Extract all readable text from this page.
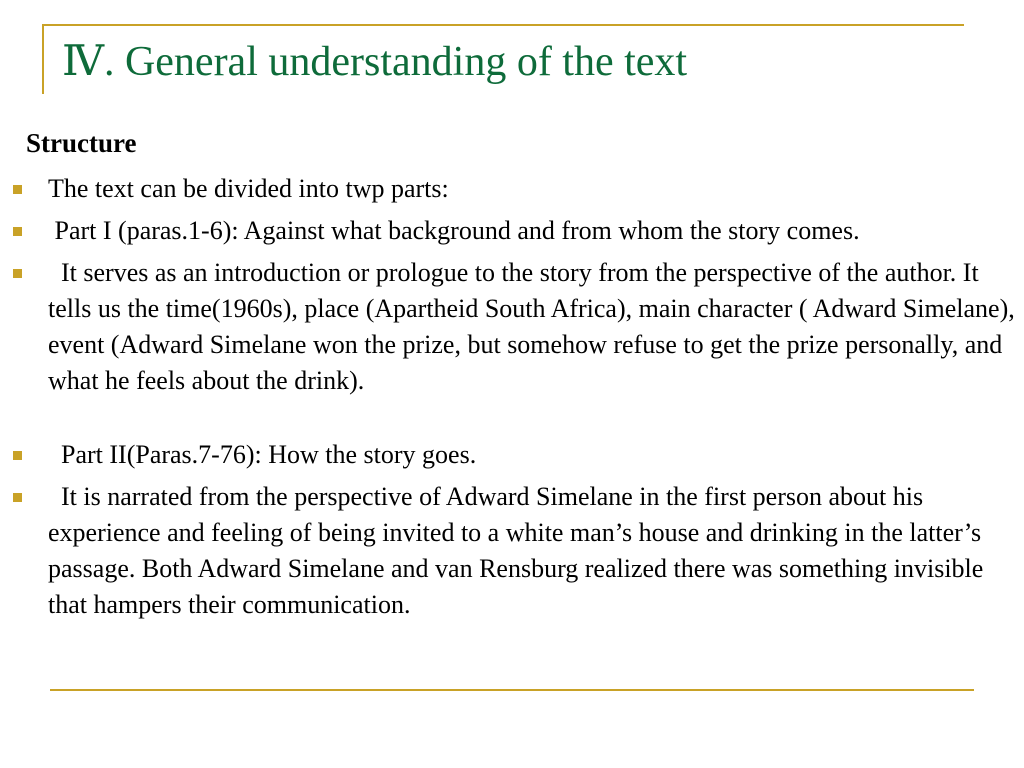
Ⅳ. General understanding of the text
Structure
The text can be divided into twp parts:
Part I (paras.1-6): Against what background and from whom the story comes.
It serves as an introduction or prologue to the story from the perspective of the author. It tells us the time(1960s), place (Apartheid South Africa), main character ( Adward Simelane), event (Adward Simelane won the prize, but somehow refuse to get the prize personally, and what he feels about the drink).
Part II(Paras.7-76): How the story goes.
It is narrated from the perspective of Adward Simelane in the first person about his experience and feeling of being invited to a white man’s house and drinking in the latter’s passage. Both Adward Simelane and van Rensburg realized there was something invisible that hampers their communication.
